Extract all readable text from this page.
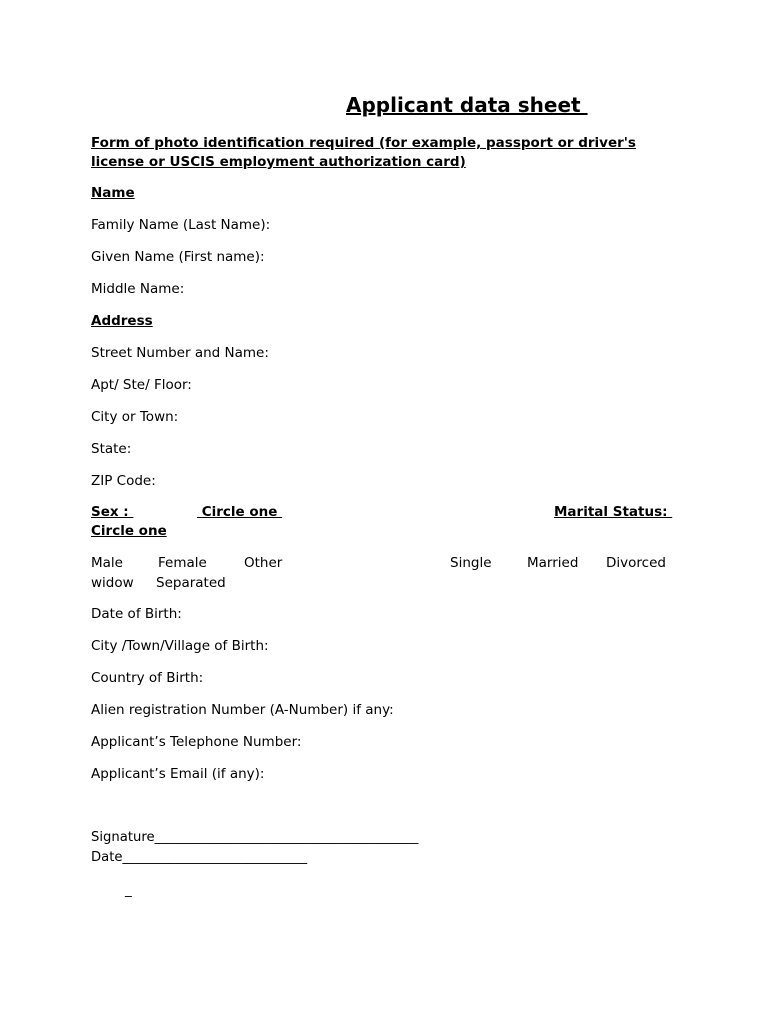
Applicant data sheet
Form of photo identification required (for example, passport or driver's license or USCIS employment authorization card)
Name
Family Name (Last Name):
Given Name (First name):
Middle Name:
Address
Street Number and Name:
Apt/ Ste/ Floor:
City or Town:
State:
ZIP Code:
Sex :	Circle one	Marital Status:
Circle one
Male	Female	Other	Single	Married Divorced
widow Separated
Date of Birth:
City /Town/Village of Birth:
Country of Birth:
Alien registration Number (A-Number) if any:
Applicant’s Telephone Number:
Applicant’s Email (if any):
Signature________________________________________
Date____________________________
_
